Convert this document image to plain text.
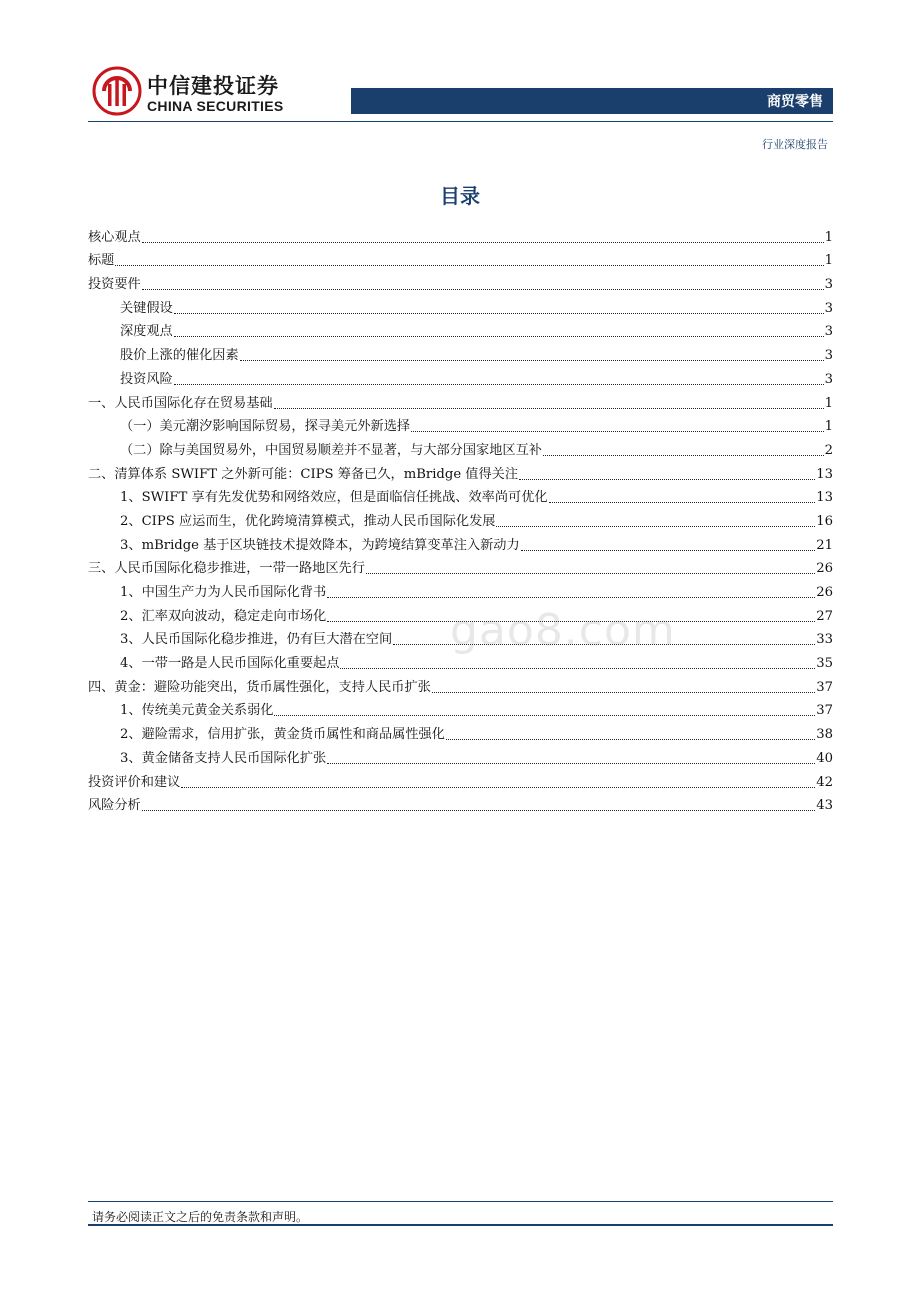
中信建投证券
CHINA SECURITIES	商贸零售
行业深度报告
目录
核心观点	1
标题	1
投资要件	3
关键假设	3
深度观点	3
股价上涨的催化因素	3
投资风险	3
一、人民币国际化存在贸易基础	1
（一）美元潮汐影响国际贸易，探寻美元外新选择	1
（二）除与美国贸易外，中国贸易顺差并不显著，与大部分国家地区互补	2
二、清算体系 SWIFT 之外新可能：CIPS 筹备已久，mBridge 值得关注	13
1、SWIFT 享有先发优势和网络效应，但是面临信任挑战、效率尚可优化	13
2、CIPS 应运而生，优化跨境清算模式，推动人民币国际化发展	16
3、mBridge 基于区块链技术提效降本，为跨境结算变革注入新动力	21
三、人民币国际化稳步推进，一带一路地区先行	26
1、中国生产力为人民币国际化背书	26
2、汇率双向波动，稳定走向市场化	27
3、人民币国际化稳步推进，仍有巨大潜在空间	33
4、一带一路是人民币国际化重要起点	35
四、黄金：避险功能突出，货币属性强化，支持人民币扩张	37
1、传统美元黄金关系弱化	37
2、避险需求，信用扩张，黄金货币属性和商品属性强化	38
3、黄金储备支持人民币国际化扩张	40
投资评价和建议	42
风险分析	43
gao8.com
请务必阅读正文之后的免责条款和声明。
